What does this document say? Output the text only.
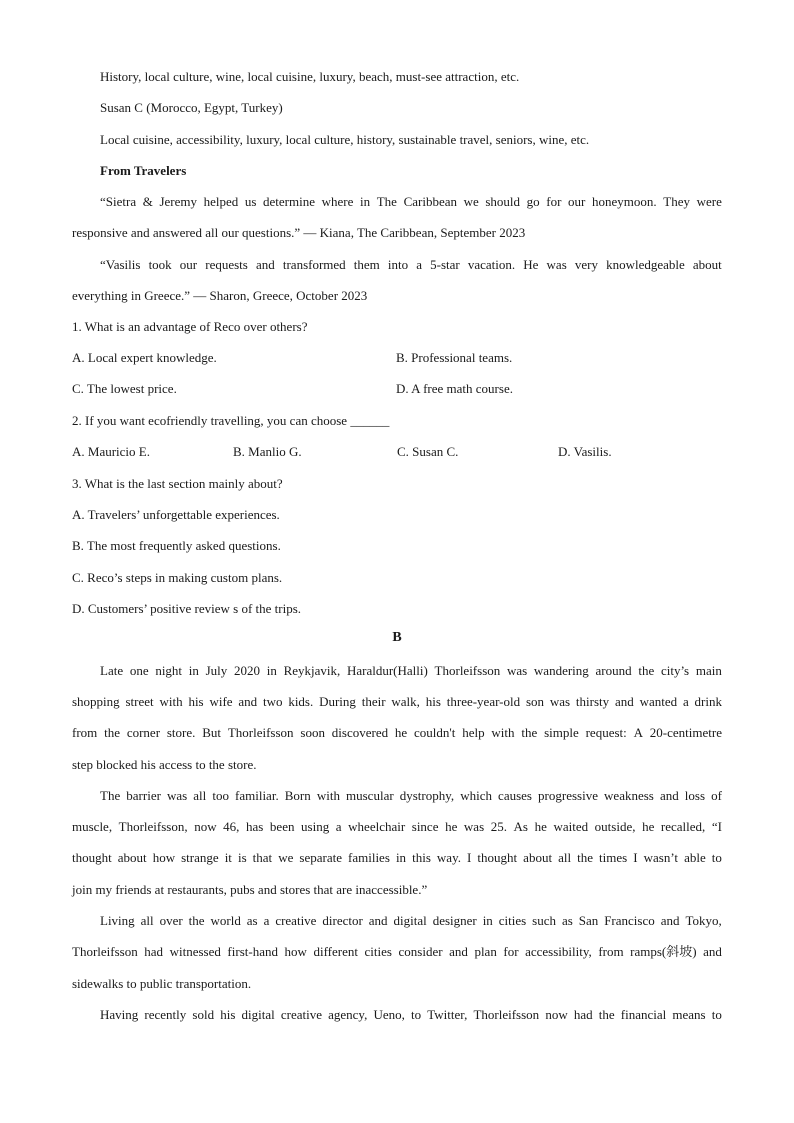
History, local culture, wine, local cuisine, luxury, beach, must-see attraction, etc.
Susan C (Morocco, Egypt, Turkey)
Local cuisine, accessibility, luxury, local culture, history, sustainable travel, seniors, wine, etc.
From Travelers
“Sietra & Jeremy helped us determine where in The Caribbean we should go for our honeymoon. They were
responsive and answered all our questions.” — Kiana, The Caribbean, September 2023
“Vasilis took our requests and transformed them into a 5-star vacation. He was very knowledgeable about
everything in Greece.” — Sharon, Greece, October 2023
1. What is an advantage of Reco over others?
A. Local expert knowledge.	B. Professional teams.
C. The lowest price.	D. A free math course.
2. If you want ecofriendly travelling, you can choose ______
A. Mauricio E.	B. Manlio G.	C. Susan C.	D. Vasilis.
3. What is the last section mainly about?
A. Travelers’ unforgettable experiences.
B. The most frequently asked questions.
C. Reco’s steps in making custom plans.
D. Customers’ positive review s of the trips.
B
Late one night in July 2020 in Reykjavik, Haraldur(Halli) Thorleifsson was wandering around the city’s main
shopping street with his wife and two kids. During their walk, his three-year-old son was thirsty and wanted a drink
from the corner store. But Thorleifsson soon discovered he couldn't help with the simple request: A 20-centimetre
step blocked his access to the store.
The barrier was all too familiar. Born with muscular dystrophy, which causes progressive weakness and loss of
muscle, Thorleifsson, now 46, has been using a wheelchair since he was 25. As he waited outside, he recalled, “I
thought about how strange it is that we separate families in this way. I thought about all the times I wasn’t able to
join my friends at restaurants, pubs and stores that are inaccessible.”
Living all over the world as a creative director and digital designer in cities such as San Francisco and Tokyo,
Thorleifsson had witnessed first-hand how different cities consider and plan for accessibility, from ramps(斜坡) and
sidewalks to public transportation.
Having recently sold his digital creative agency, Ueno, to Twitter, Thorleifsson now had the financial means to
